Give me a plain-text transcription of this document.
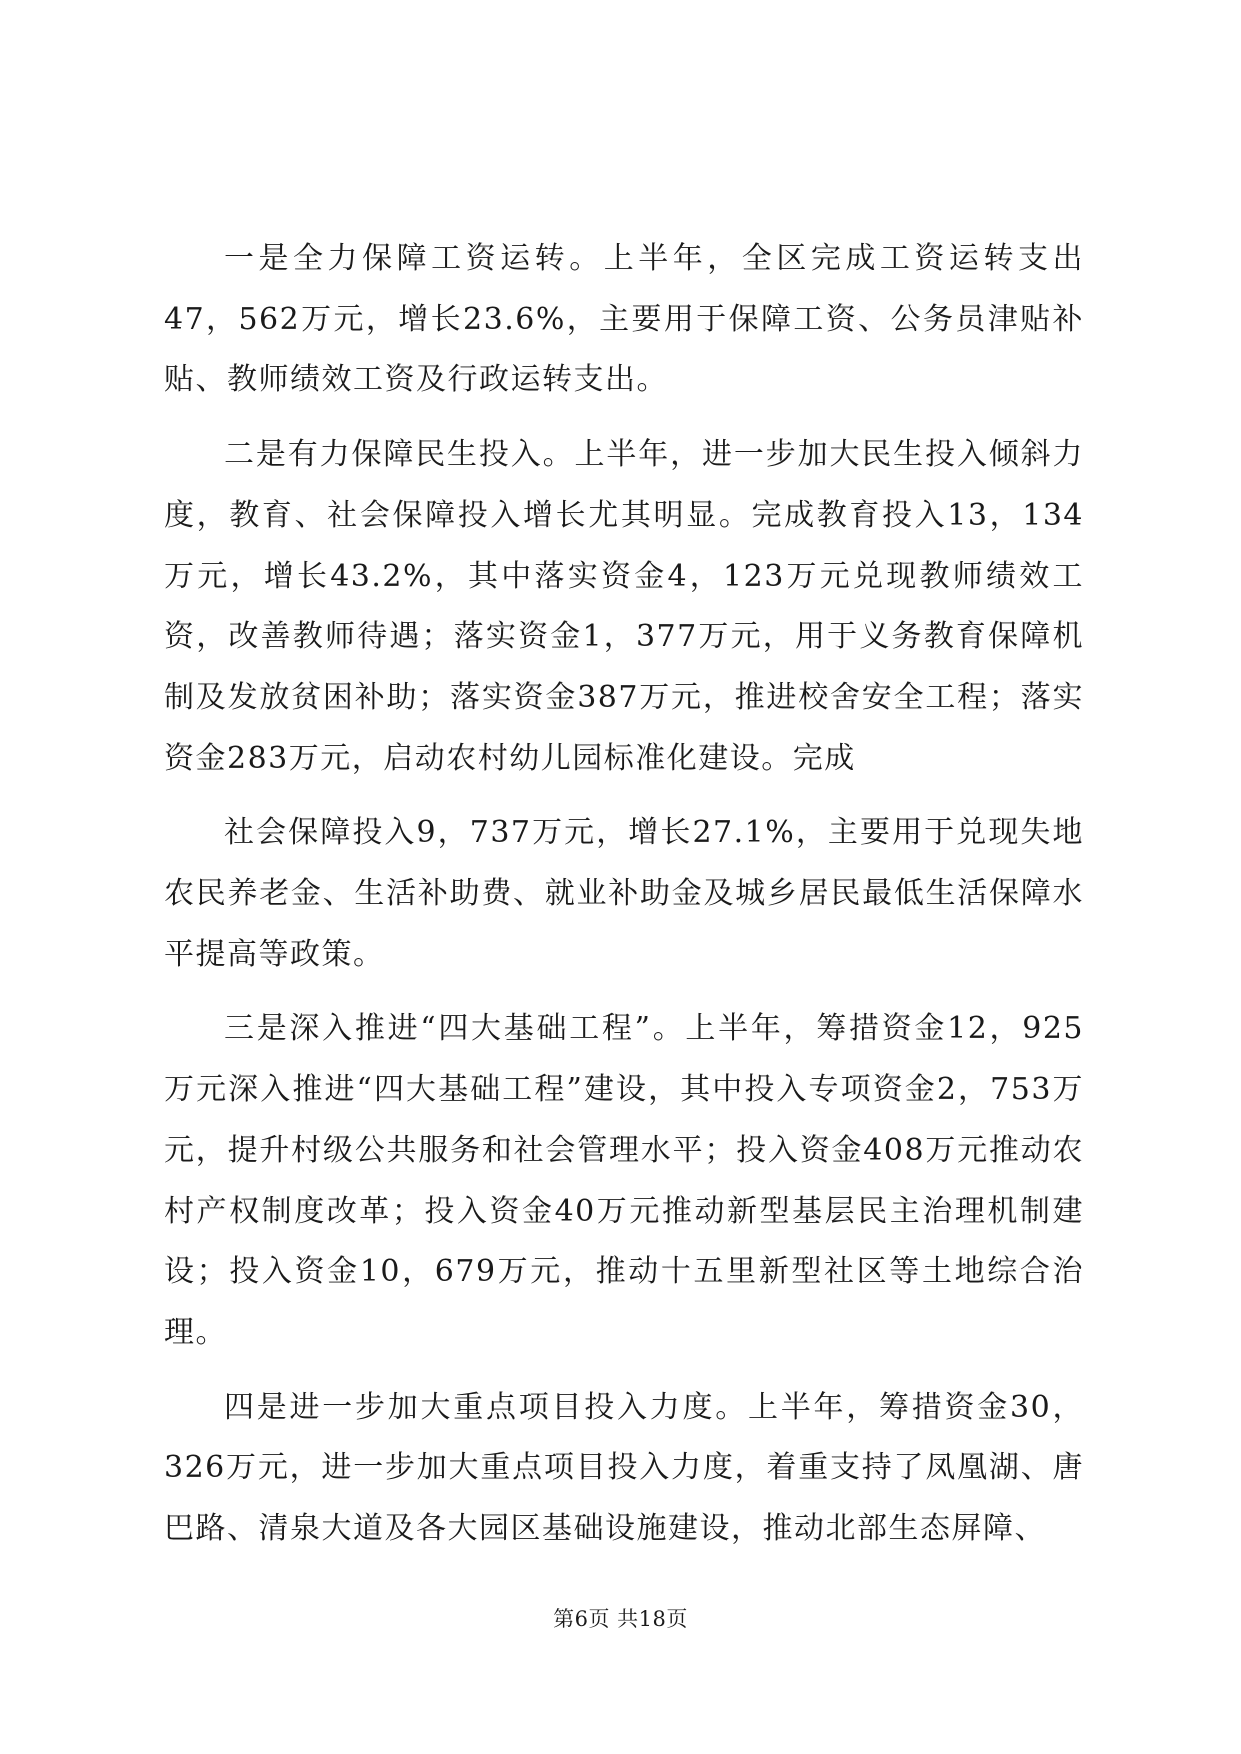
一是全力保障工资运转。上半年，全区完成工资运转支出47，562万元，增长23.6%，主要用于保障工资、公务员津贴补贴、教师绩效工资及行政运转支出。

二是有力保障民生投入。上半年，进一步加大民生投入倾斜力度，教育、社会保障投入增长尤其明显。完成教育投入13，134万元，增长43.2%，其中落实资金4，123万元兑现教师绩效工资，改善教师待遇；落实资金1，377万元，用于义务教育保障机制及发放贫困补助；落实资金387万元，推进校舍安全工程；落实资金283万元，启动农村幼儿园标准化建设。完成

社会保障投入9，737万元，增长27.1%，主要用于兑现失地农民养老金、生活补助费、就业补助金及城乡居民最低生活保障水平提高等政策。

三是深入推进“四大基础工程”。上半年，筹措资金12，925万元深入推进“四大基础工程”建设，其中投入专项资金2，753万元，提升村级公共服务和社会管理水平；投入资金408万元推动农村产权制度改革；投入资金40万元推动新型基层民主治理机制建设；投入资金10，679万元，推动十五里新型社区等土地综合治理。

四是进一步加大重点项目投入力度。上半年，筹措资金30，326万元，进一步加大重点项目投入力度，着重支持了凤凰湖、唐巴路、清泉大道及各大园区基础设施建设，推动北部生态屏障、

第6页 共18页
